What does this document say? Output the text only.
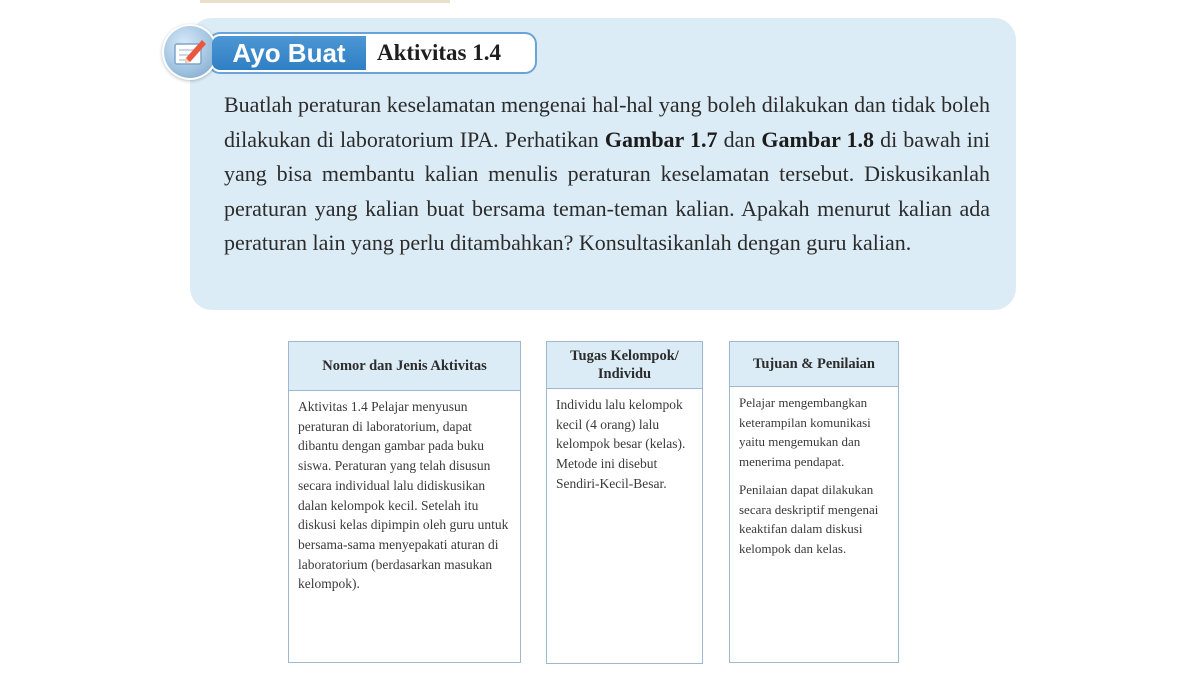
Ayo Buat	Aktivitas 1.4

Buatlah peraturan keselamatan mengenai hal-hal yang boleh dilakukan dan tidak boleh dilakukan di laboratorium IPA. Perhatikan Gambar 1.7 dan Gambar 1.8 di bawah ini yang bisa membantu kalian menulis peraturan keselamatan tersebut. Diskusikanlah peraturan yang kalian buat bersama teman-teman kalian. Apakah menurut kalian ada peraturan lain yang perlu ditambahkan? Konsultasikanlah dengan guru kalian.

Nomor dan Jenis Aktivitas

Aktivitas 1.4 Pelajar menyusun peraturan di laboratorium, dapat dibantu dengan gambar pada buku siswa. Peraturan yang telah disusun secara individual lalu didiskusikan dalan kelompok kecil. Setelah itu diskusi kelas dipimpin oleh guru untuk bersama-sama menyepakati aturan di laboratorium (berdasarkan masukan kelompok).

Tugas Kelompok/ Individu

Individu lalu kelompok kecil (4 orang) lalu kelompok besar (kelas). Metode ini disebut Sendiri-Kecil-Besar.

Tujuan & Penilaian

Pelajar mengembangkan keterampilan komunikasi yaitu mengemukan dan menerima pendapat.

Penilaian dapat dilakukan secara deskriptif mengenai keaktifan dalam diskusi kelompok dan kelas.
